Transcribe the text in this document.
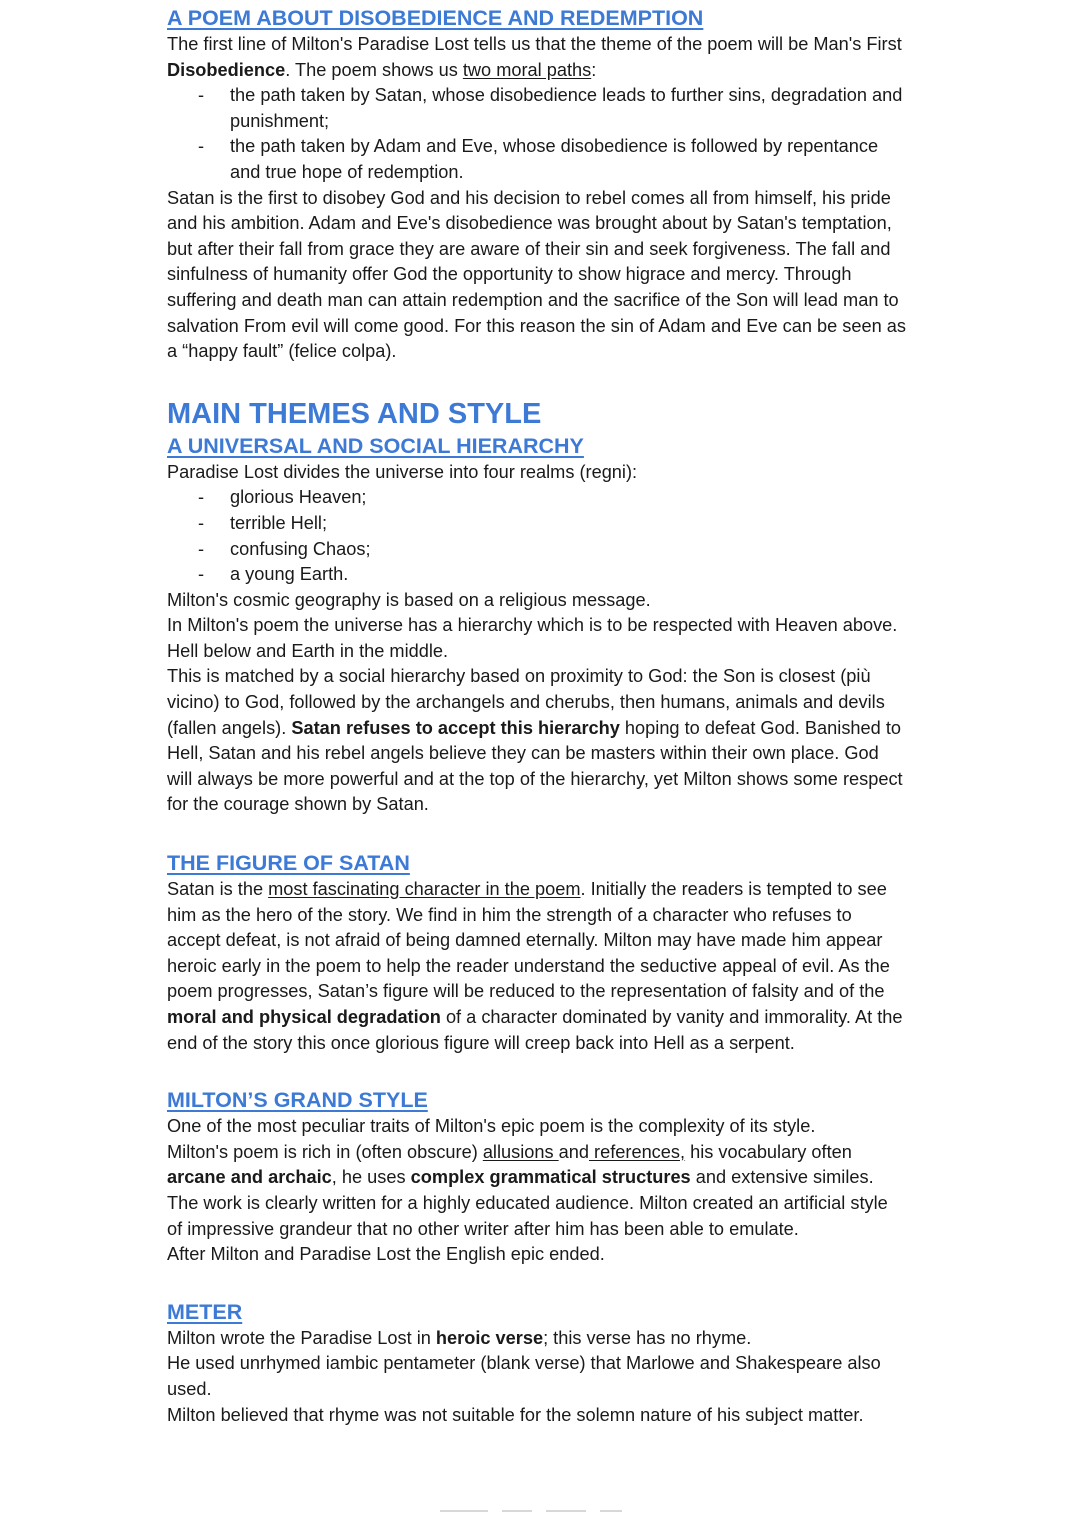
A POEM ABOUT DISOBEDIENCE AND REDEMPTION

The first line of Milton's Paradise Lost tells us that the theme of the poem will be Man's First Disobedience. The poem shows us two moral paths:

- the path taken by Satan, whose disobedience leads to further sins, degradation and punishment;
- the path taken by Adam and Eve, whose disobedience is followed by repentance and true hope of redemption.

Satan is the first to disobey God and his decision to rebel comes all from himself, his pride and his ambition. Adam and Eve's disobedience was brought about by Satan's temptation, but after their fall from grace they are aware of their sin and seek forgiveness. The fall and sinfulness of humanity offer God the opportunity to show higrace and mercy. Through suffering and death man can attain redemption and the sacrifice of the Son will lead man to salvation From evil will come good. For this reason the sin of Adam and Eve can be seen as a “happy fault” (felice colpa).

MAIN THEMES AND STYLE
A UNIVERSAL AND SOCIAL HIERARCHY

Paradise Lost divides the universe into four realms (regni):

- glorious Heaven;
- terrible Hell;
- confusing Chaos;
- a young Earth.

Milton's cosmic geography is based on a religious message.

In Milton's poem the universe has a hierarchy which is to be respected with Heaven above. Hell below and Earth in the middle.

This is matched by a social hierarchy based on proximity to God: the Son is closest (più vicino) to God, followed by the archangels and cherubs, then humans, animals and devils (fallen angels). Satan refuses to accept this hierarchy hoping to defeat God. Banished to Hell, Satan and his rebel angels believe they can be masters within their own place. God will always be more powerful and at the top of the hierarchy, yet Milton shows some respect for the courage shown by Satan.

THE FIGURE OF SATAN

Satan is the most fascinating character in the poem. Initially the readers is tempted to see him as the hero of the story. We find in him the strength of a character who refuses to accept defeat, is not afraid of being damned eternally. Milton may have made him appear heroic early in the poem to help the reader understand the seductive appeal of evil. As the poem progresses, Satan’s figure will be reduced to the representation of falsity and of the moral and physical degradation of a character dominated by vanity and immorality. At the end of the story this once glorious figure will creep back into Hell as a serpent.

MILTON’S GRAND STYLE

One of the most peculiar traits of Milton's epic poem is the complexity of its style.

Milton's poem is rich in (often obscure) allusions and references, his vocabulary often arcane and archaic, he uses complex grammatical structures and extensive similes.

The work is clearly written for a highly educated audience. Milton created an artificial style of impressive grandeur that no other writer after him has been able to emulate.

After Milton and Paradise Lost the English epic ended.

METER

Milton wrote the Paradise Lost in heroic verse; this verse has no rhyme.

He used unrhymed iambic pentameter (blank verse) that Marlowe and Shakespeare also used.

Milton believed that rhyme was not suitable for the solemn nature of his subject matter.
